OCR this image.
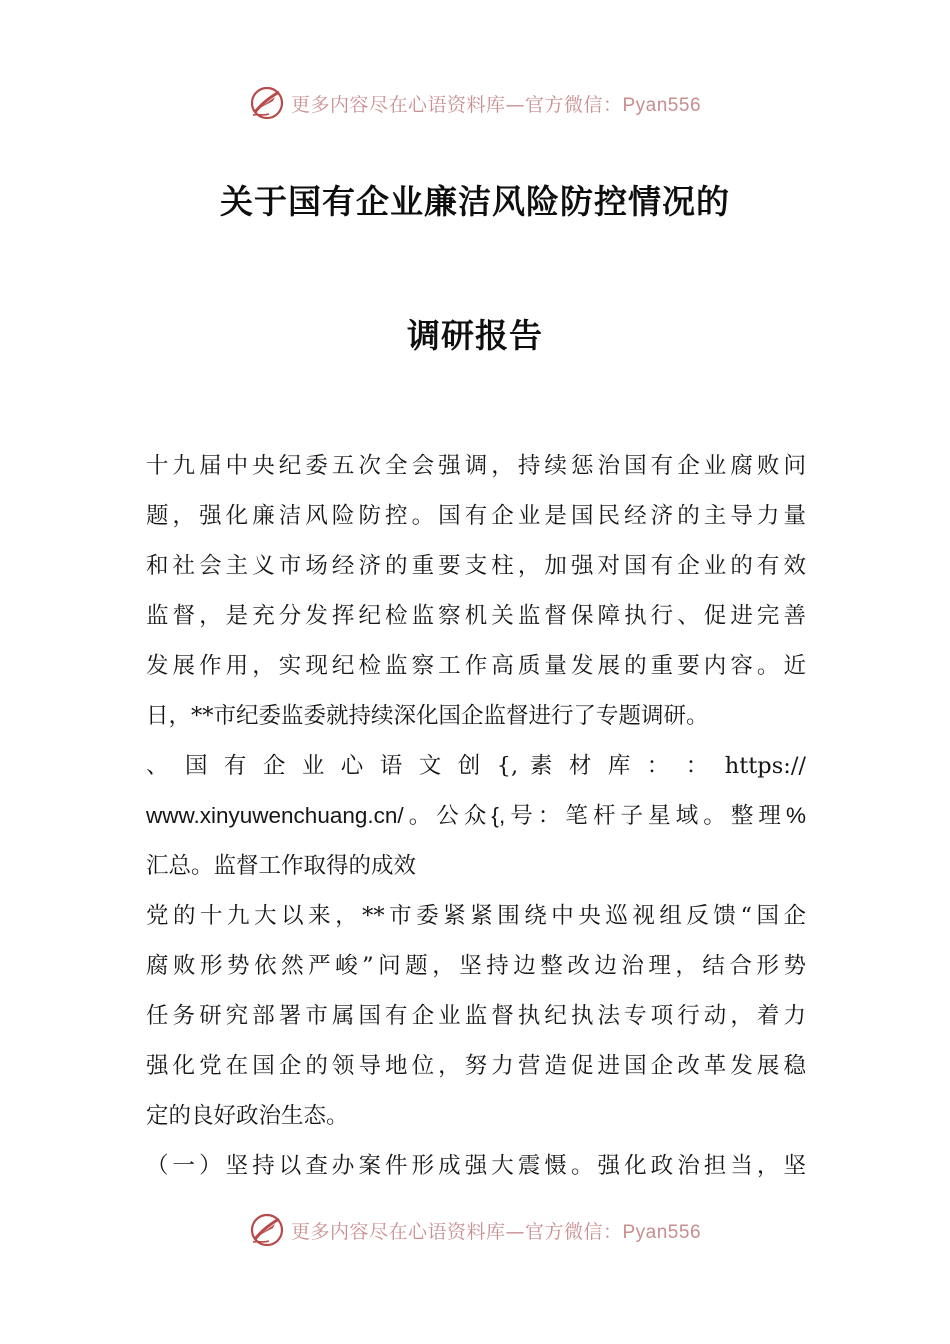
更多内容尽在心语资料库—官方微信：Pyan556
关于国有企业廉洁风险防控情况的
调研报告
十九届中央纪委五次全会强调，持续惩治国有企业腐败问
题，强化廉洁风险防控。国有企业是国民经济的主导力量
和社会主义市场经济的重要支柱，加强对国有企业的有效
监督，是充分发挥纪检监察机关监督保障执行、促进完善
发展作用，实现纪检监察工作高质量发展的重要内容。近
日，**市纪委监委就持续深化国企监督进行了专题调研。
、 国 有 企 业 心 语 文 创 {, 素 材 库 ： ： https://
www.xinyuwenchuang.cn/。公众{,号：笔杆子星域。整理%
汇总。监督工作取得的成效
党的十九大以来，**市委紧紧围绕中央巡视组反馈“国企
腐败形势依然严峻”问题，坚持边整改边治理，结合形势
任务研究部署市属国有企业监督执纪执法专项行动，着力
强化党在国企的领导地位，努力营造促进国企改革发展稳
定的良好政治生态。
（一）坚持以查办案件形成强大震慑。强化政治担当，坚
更多内容尽在心语资料库—官方微信：Pyan556
